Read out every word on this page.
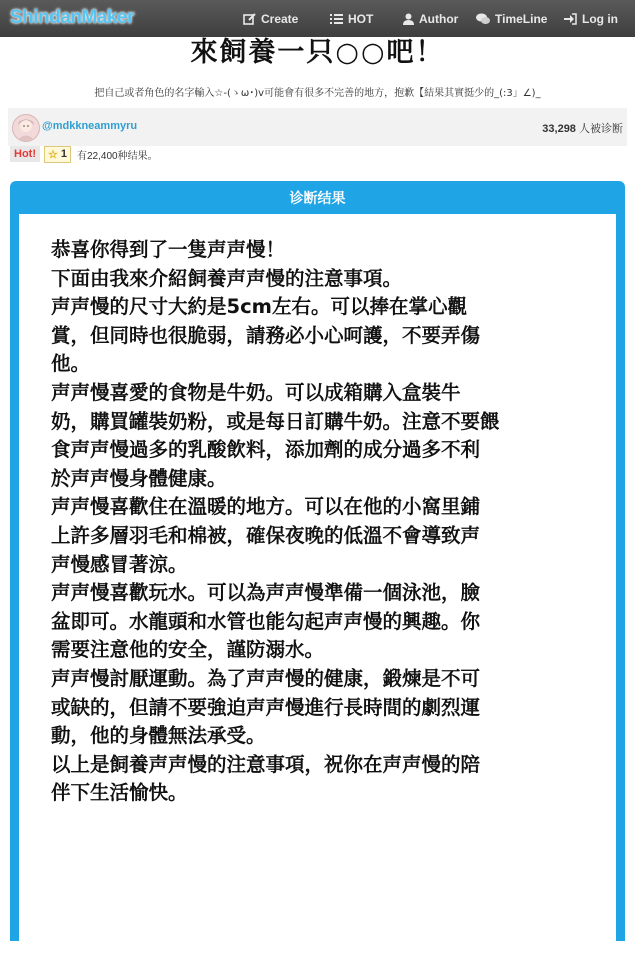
ShindanMaker	Create	HOT	Author	TimeLine	Log in
來飼養一只○○吧！
把自己或者角色的名字輸入☆-(ゝω･)v可能會有很多不完善的地方，抱歉【結果其實挺少的_(:3」∠)_
@mdkkneammyru	33,298 人被诊断
Hot!	☆ 1 有22,400种结果。
诊断结果
恭喜你得到了一隻声声慢！
下面由我來介紹飼養声声慢的注意事項。
声声慢的尺寸大約是5cm左右。可以捧在掌心觀
賞，但同時也很脆弱，請務必小心呵護，不要弄傷
他。
声声慢喜愛的食物是牛奶。可以成箱購入盒裝牛
奶，購買罐裝奶粉，或是每日訂購牛奶。注意不要餵
食声声慢過多的乳酸飲料，添加劑的成分過多不利
於声声慢身體健康。
声声慢喜歡住在溫暖的地方。可以在他的小窩里鋪
上許多層羽毛和棉被，確保夜晚的低溫不會導致声
声慢感冒著涼。
声声慢喜歡玩水。可以為声声慢準備一個泳池，臉
盆即可。水龍頭和水管也能勾起声声慢的興趣。你
需要注意他的安全，謹防溺水。
声声慢討厭運動。為了声声慢的健康，鍛煉是不可
或缺的，但請不要強迫声声慢進行長時間的劇烈運
動，他的身體無法承受。
以上是飼養声声慢的注意事項，祝你在声声慢的陪
伴下生活愉快。
